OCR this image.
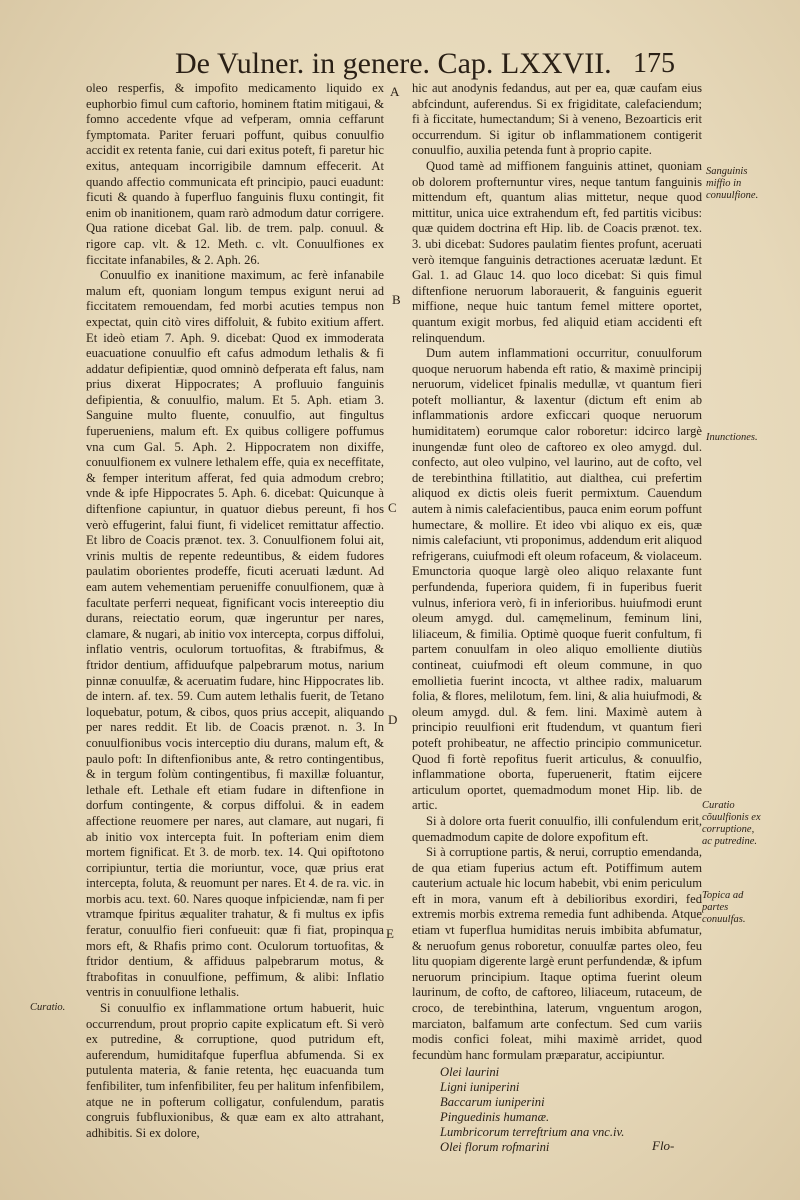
De Vulner. in genere. Cap. LXXVII. 175

oleo resperfis, & impofito medicamento liquido ex euphorbio fimul cum caftorio, hominem ftatim mitigaui, & fomno accedente vfque ad vefperam, omnia ceffarunt fymptomata. Pariter feruari poffunt, quibus conuulfio accidit ex retenta fanie, cui dari exitus poteft, fi paretur hic exitus, antequam incorrigibile damnum effecerit. At quando affectio communicata eft principio, pauci euadunt: ficuti & quando à fuperfluo fanguinis fluxu contingit, fit enim ob inanitionem, quam rarò admodum datur corrigere. Qua ratione dicebat Gal. lib. de trem. palp. conuul. & rigore cap. vlt. & 12. Meth. c. vlt. Conuulfiones ex ficcitate infanabiles, & 2. Aph. 26.

Conuulfio ex inanitione maximum, ac ferè infanabile malum eft, quoniam longum tempus exigunt nerui ad ficcitatem remouendam, fed morbi acuties tempus non expectat, quin citò vires diffoluit, & fubito exitium affert. Et ideò etiam 7. Aph. 9. dicebat: Quod ex immoderata euacuatione conuulfio eft cafus admodum lethalis & fi addatur defipientiæ, quod omninò defperata eft falus, nam prius dixerat Hippocrates; A profluuio fanguinis defipientia, & conuulfio, malum. Et 5. Aph. etiam 3. Sanguine multo fluente, conuulfio, aut fingultus fuperueniens, malum eft. Ex quibus colligere poffumus vna cum Gal. 5. Aph. 2. Hippocratem non dixiffe, conuulfionem ex vulnere lethalem effe, quia ex neceffitate, & femper interitum afferat, fed quia admodum crebro; vnde & ipfe Hippocrates 5. Aph. 6. dicebat: Quicunque à diftenfione capiuntur, in quatuor diebus pereunt, fi hos verò effugerint, falui fiunt, fi videlicet remittatur affectio. Et libro de Coacis prænot. tex. 3. Conuulfionem folui ait, vrinis multis de repente redeuntibus, & eidem fudores paulatim oborientes prodeffe, ficuti aceruati lædunt. Ad eam autem vehementiam perueniffe conuulfionem, quæ à facultate perferri nequeat, fignificant vocis intereeptio diu durans, reiectatio eorum, quæ ingeruntur per nares, clamare, & nugari, ab initio vox intercepta, corpus diffolui, inflatio ventris, oculorum tortuofitas, & ftrabifmus, & ftridor dentium, affiduufque palpebrarum motus, narium pinnæ conuulfæ, & aceruatim fudare, hinc Hippocrates lib. de intern. af. tex. 59. Cum autem lethalis fuerit, de Tetano loquebatur, potum, & cibos, quos prius accepit, aliquando per nares reddit. Et lib. de Coacis prænot. n. 3. In conuulfionibus vocis interceptio diu durans, malum eft, & paulo poft: In diftenfionibus ante, & retro contingentibus, & in tergum folùm contingentibus, fi maxillæ foluantur, lethale eft. Lethale eft etiam fudare in diftenfione in dorfum contingente, & corpus diffolui. & in eadem affectione reuomere per nares, aut clamare, aut nugari, fi ab initio vox intercepta fuit. In pofteriam enim diem mortem fignificat. Et 3. de morb. tex. 14. Qui opiftotono corripiuntur, tertia die moriuntur, voce, quæ prius erat intercepta, foluta, & reuomunt per nares. Et 4. de ra. vic. in morbis acu. text. 60. Nares quoque infpiciendæ, nam fi per vtramque fpiritus æqualiter trahatur, & fi multus ex ipfis feratur, conuulfio fieri confueuit: quæ fi fiat, propinqua mors eft, & Rhafis primo cont. Oculorum tortuofitas, & ftridor dentium, & affiduus palpebrarum motus, & ftrabofitas in conuulfione, peffimum, & alibi: Inflatio ventris in conuulfione lethalis.

Si conuulfio ex inflammatione ortum habuerit, huic occurrendum, prout proprio capite explicatum eft. Si verò ex putredine, & corruptione, quod putridum eft, auferendum, humiditafque fuperflua abfumenda. Si ex putulenta materia, & fanie retenta, hęc euacuanda tum fenfibiliter, tum infenfibiliter, feu per halitum infenfibilem, atque ne in pofterum colligatur, confulendum, paratis congruis fubfluxionibus, & quæ eam ex alto attrahant, adhibitis. Si ex dolore,

hic aut anodynis fedandus, aut per ea, quæ caufam eius abfcindunt, auferendus. Si ex frigiditate, calefaciendum; fi à ficcitate, humectandum; Si à veneno, Bezoarticis erit occurrendum. Si igitur ob inflammationem contigerit conuulfio, auxilia petenda funt à proprio capite.

Quod tamè ad miffionem fanguinis attinet, quoniam ob dolorem profternuntur vires, neque tantum fanguinis mittendum eft, quantum alias mittetur, neque quod mittitur, unica uice extrahendum eft, fed partitis vicibus: quæ quidem doctrina eft Hip. lib. de Coacis prænot. tex. 3. ubi dicebat: Sudores paulatim fientes profunt, aceruati verò itemque fanguinis detractiones aceruatæ lædunt. Et Gal. 1. ad Glauc 14. quo loco dicebat: Si quis fimul diftenfione neruorum laborauerit, & fanguinis eguerit miffione, neque huic tantum femel mittere oportet, quantum exigit morbus, fed aliquid etiam accidenti eft relinquendum.

Dum autem inflammationi occurritur, conuulforum quoque neruorum habenda eft ratio, & maximè principij neruorum, videlicet fpinalis medullæ, vt quantum fieri poteft molliantur, & laxentur (dictum eft enim ab inflammationis ardore exficcari quoque neruorum humiditatem) eorumque calor roboretur: idcirco largè inungendæ funt oleo de caftoreo ex oleo amygd. dul. confecto, aut oleo vulpino, vel laurino, aut de cofto, vel de terebinthina ftillatitio, aut dialthea, cui prefertim aliquod ex dictis oleis fuerit permixtum. Cauendum autem à nimis calefacientibus, pauca enim eorum poffunt humectare, & mollire. Et ideo vbi aliquo ex eis, quæ nimis calefaciunt, vti proponimus, addendum erit aliquod refrigerans, cuiufmodi eft oleum rofaceum, & violaceum. Emunctoria quoque largè oleo aliquo relaxante funt perfundenda, fuperiora quidem, fi in fuperibus fuerit vulnus, inferiora verò, fi in inferioribus. huiufmodi erunt oleum amygd. dul. camęmelinum, feminum lini, liliaceum, & fimilia. Optimè quoque fuerit confultum, fi partem conuulfam in oleo aliquo emolliente diutiùs contineat, cuiufmodi eft oleum commune, in quo emollietia fuerint incocta, vt althee radix, maluarum folia, & flores, melilotum, fem. lini, & alia huiufmodi, & oleum amygd. dul. & fem. lini. Maximè autem à principio reuulfioni erit ftudendum, vt quantum fieri poteft prohibeatur, ne affectio principio communicetur. Quod fi fortè repofitus fuerit articulus, & conuulfio, inflammatione oborta, fuperuenerit, ftatim eijcere articulum oportet, quemadmodum monet Hip. lib. de artic.

Si à dolore orta fuerit conuulfio, illi confulendum erit, quemadmodum capite de dolore expofitum eft.

Si à corruptione partis, & nerui, corruptio emendanda, de qua etiam fuperius actum eft. Potiffimum autem cauterium actuale hic locum habebit, vbi enim periculum eft in mora, vanum eft à debilioribus exordiri, fed extremis morbis extrema remedia funt adhibenda. Atque etiam vt fuperflua humiditas neruis imbibita abfumatur, & neruofum genus roboretur, conuulfæ partes oleo, feu litu quopiam digerente largè erunt perfundendæ, & ipfum neruorum principium. Itaque optima fuerint oleum laurinum, de cofto, de caftoreo, liliaceum, rutaceum, de croco, de terebinthina, laterum, vnguentum arogon, marciaton, balfamum arte confectum. Sed cum variis modis confici foleat, mihi maximè arridet, quod fecundùm hanc formulam præparatur, accipiuntur.

Olei laurini
Ligni iuniperini
Baccarum iuniperini
Pinguedinis humanæ.
Lumbricorum terreftrium ana vnc.iv.
Olei florum rofmarini	Flo-
A
B
C
D
E
Sanguinis miffio in conuulfione.
Inunctiones.
Curatio cõuulfionis ex corruptione, ac putredine.
Topica ad partes conuulfas.
Curatio.
